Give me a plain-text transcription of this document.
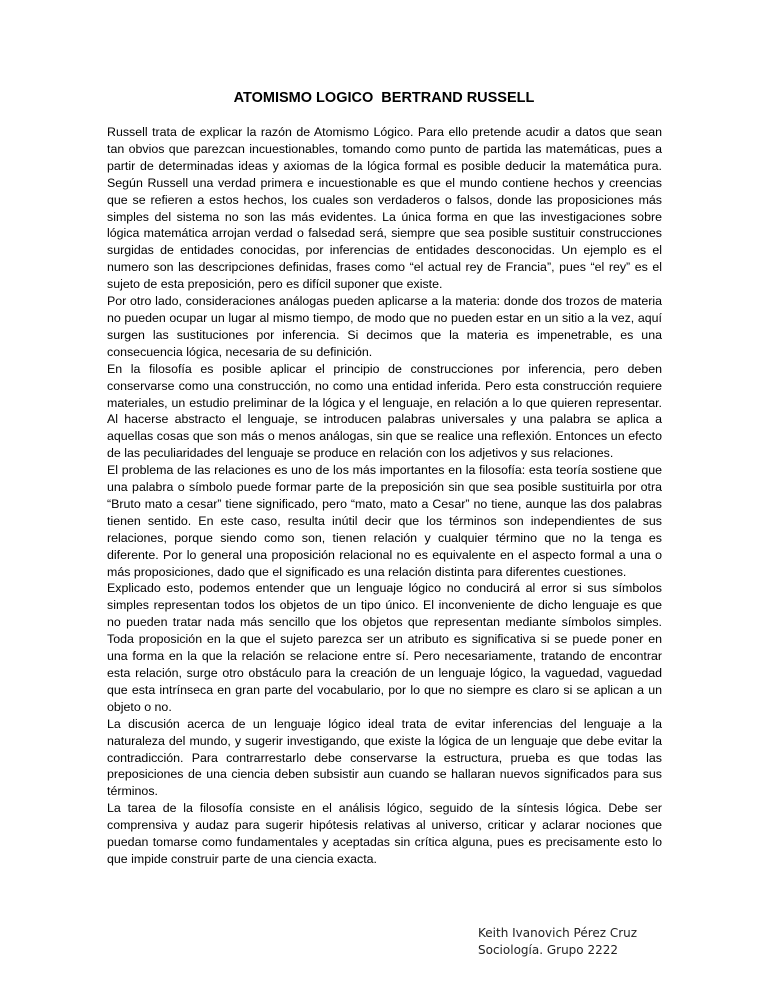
ATOMISMO LOGICO  BERTRAND RUSSELL

Russell trata de explicar la razón de Atomismo Lógico. Para ello pretende acudir a datos que sean tan obvios que parezcan incuestionables, tomando como punto de partida las matemáticas, pues a partir de determinadas ideas y axiomas de la lógica formal es posible deducir la matemática pura. Según Russell una verdad primera e incuestionable es que el mundo contiene hechos y creencias que se refieren a estos hechos, los cuales son verdaderos o falsos, donde las proposiciones más simples del sistema no son las más evidentes. La única forma en que las investigaciones sobre lógica matemática arrojan verdad o falsedad será, siempre que sea posible sustituir construcciones surgidas de entidades conocidas, por inferencias de entidades desconocidas. Un ejemplo es el numero son las descripciones definidas, frases como “el actual rey de Francia”, pues “el rey” es el sujeto de esta preposición, pero es difícil suponer que existe.

Por otro lado, consideraciones análogas pueden aplicarse a la materia: donde dos trozos de materia no pueden ocupar un lugar al mismo tiempo, de modo que no pueden estar en un sitio a la vez, aquí surgen las sustituciones por inferencia. Si decimos que la materia es impenetrable, es una consecuencia lógica, necesaria de su definición.

En la filosofía es posible aplicar el principio de construcciones por inferencia, pero deben conservarse como una construcción, no como una entidad inferida. Pero esta construcción requiere materiales, un estudio preliminar de la lógica y el lenguaje, en relación a lo que quieren representar. Al hacerse abstracto el lenguaje, se introducen palabras universales y una palabra se aplica a aquellas cosas que son más o menos análogas, sin que se realice una reflexión. Entonces un efecto de las peculiaridades del lenguaje se produce en relación con los adjetivos y sus relaciones.

El problema de las relaciones es uno de los más importantes en la filosofía: esta teoría sostiene que una palabra o símbolo puede formar parte de la preposición sin que sea posible sustituirla por otra “Bruto mato a cesar” tiene significado, pero “mato, mato a Cesar” no tiene, aunque las dos palabras tienen sentido. En este caso, resulta inútil decir que los términos son independientes de sus relaciones, porque siendo como son, tienen relación y cualquier término que no la tenga es diferente. Por lo general una proposición relacional no es equivalente en el aspecto formal a una o más proposiciones, dado que el significado es una relación distinta para diferentes cuestiones.

Explicado esto, podemos entender que un lenguaje lógico no conducirá al error si sus símbolos simples representan todos los objetos de un tipo único. El inconveniente de dicho lenguaje es que no pueden tratar nada más sencillo que los objetos que representan mediante símbolos simples. Toda proposición en la que el sujeto parezca ser un atributo es significativa si se puede poner en una forma en la que la relación se relacione entre sí. Pero necesariamente, tratando de encontrar esta relación, surge otro obstáculo para la creación de un lenguaje lógico, la vaguedad, vaguedad que esta intrínseca en gran parte del vocabulario, por lo que no siempre es claro si se aplican a un objeto o no.

La discusión acerca de un lenguaje lógico ideal trata de evitar inferencias del lenguaje a la naturaleza del mundo, y sugerir investigando, que existe la lógica de un lenguaje que debe evitar la contradicción. Para contrarrestarlo debe conservarse la estructura, prueba es que todas las preposiciones de una ciencia deben subsistir aun cuando se hallaran nuevos significados para sus términos.

La tarea de la filosofía consiste en el análisis lógico, seguido de la síntesis lógica. Debe ser comprensiva y audaz para sugerir hipótesis relativas al universo, criticar y aclarar nociones que puedan tomarse como fundamentales y aceptadas sin crítica alguna, pues es precisamente esto lo que impide construir parte de una ciencia exacta.

Keith Ivanovich Pérez Cruz
Sociología. Grupo 2222
